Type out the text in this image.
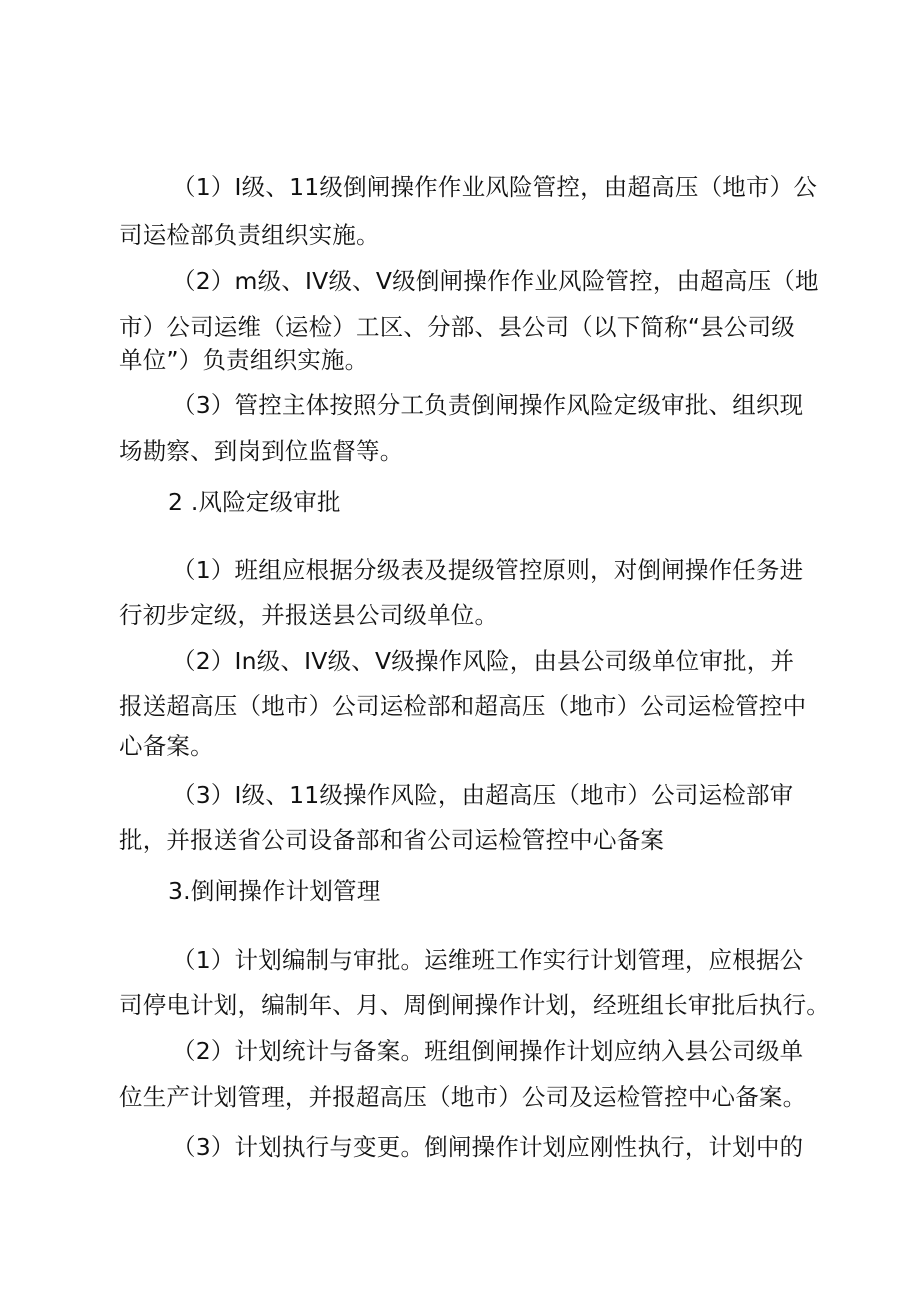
（1）I级、11级倒闸操作作业风险管控，由超高压（地市）公
司运检部负责组织实施。
（2）m级、IV级、V级倒闸操作作业风险管控，由超高压（地
市）公司运维（运检）工区、分部、县公司（以下简称“县公司级
单位”）负责组织实施。
（3）管控主体按照分工负责倒闸操作风险定级审批、组织现
场勘察、到岗到位监督等。
2 .风险定级审批
（1）班组应根据分级表及提级管控原则，对倒闸操作任务进
行初步定级，并报送县公司级单位。
（2）In级、IV级、V级操作风险，由县公司级单位审批，并
报送超高压（地市）公司运检部和超高压（地市）公司运检管控中
心备案。
（3）I级、11级操作风险，由超高压（地市）公司运检部审
批，并报送省公司设备部和省公司运检管控中心备案
3.倒闸操作计划管理
（1）计划编制与审批。运维班工作实行计划管理，应根据公
司停电计划，编制年、月、周倒闸操作计划，经班组长审批后执行。
（2）计划统计与备案。班组倒闸操作计划应纳入县公司级单
位生产计划管理，并报超高压（地市）公司及运检管控中心备案。
（3）计划执行与变更。倒闸操作计划应刚性执行，计划中的
